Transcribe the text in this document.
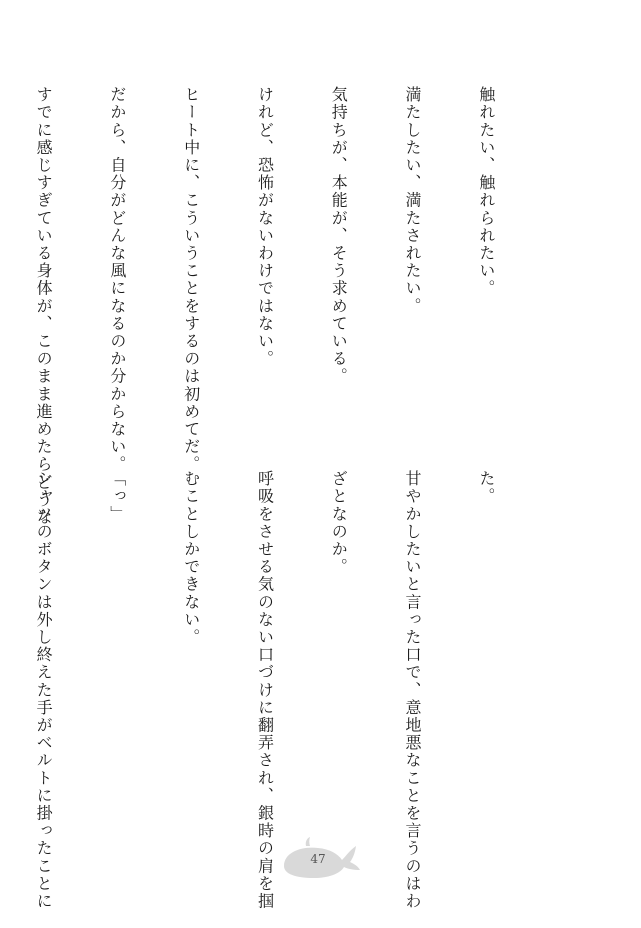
触れたい、触れられたい。

満たしたい、満たされたい。

気持ちが、本能が、そう求めている。

けれど、恐怖がないわけではない。

ヒート中に、こういうことをするのは初めてだ。

だから、自分がどんな風になるのか分からない。

すでに感じすぎている身体が、このまま進めたらどうな

	た。

甘やかしたいと言った口で、意地悪なことを言うのはわ

ざとなのか。

呼吸をさせる気のない口づけに翻弄され、銀時の肩を掴

むことしかできない。

「っ」

シャツのボタンは外し終えた手がベルトに掛ったことに

	47
